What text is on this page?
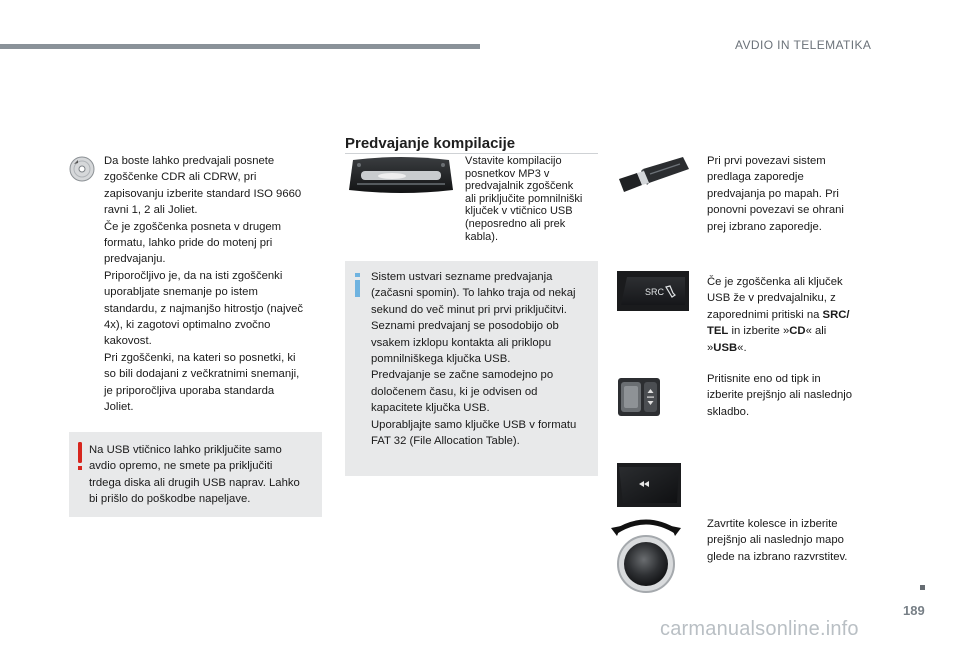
AVDIO IN TELEMATIKA
Da boste lahko predvajali posnete
zgoščenke CDR ali CDRW, pri
zapisovanju izberite standard ISO 9660
ravni 1, 2 ali Joliet.
Če je zgoščenka posneta v drugem
formatu, lahko pride do motenj pri
predvajanju.
Priporočljivo je, da na isti zgoščenki
uporabljate snemanje po istem
standardu, z najmanjšo hitrostjo (največ
4x), ki zagotovi optimalno zvočno
kakovost.
Pri zgoščenki, na kateri so posnetki, ki
so bili dodajani z večkratnimi snemanji,
je priporočljiva uporaba standarda
Joliet.
Na USB vtičnico lahko priključite samo
avdio opremo, ne smete pa priključiti
trdega diska ali drugih USB naprav. Lahko
bi prišlo do poškodbe napeljave.
Predvajanje kompilacije
Vstavite kompilacijo
posnetkov MP3 v
predvajalnik zgoščenk
ali priključite pomnilniški
ključek v vtičnico USB
(neposredno ali prek
kabla).
Sistem ustvari sezname predvajanja
(začasni spomin). To lahko traja od nekaj
sekund do več minut pri prvi priključitvi.
Seznami predvajanj se posodobijo ob
vsakem izklopu kontakta ali priklopu
pomnilniškega ključka USB.
Predvajanje se začne samodejno po
določenem času, ki je odvisen od
kapacitete ključka USB.
Uporabljajte samo ključke USB v formatu
FAT 32 (File Allocation Table).
Pri prvi povezavi sistem
predlaga zaporedje
predvajanja po mapah. Pri
ponovni povezavi se ohrani
prej izbrano zaporedje.
SRC
Če je zgoščenka ali ključek
USB že v predvajalniku, z
zaporednimi pritiski na SRC/
TEL in izberite »CD« ali
»USB«.
Pritisnite eno od tipk in
izberite prejšnjo ali naslednjo
skladbo.
Zavrtite kolesce in izberite
prejšnjo ali naslednjo mapo
glede na izbrano razvrstitev.
189
carmanualsonline.info
